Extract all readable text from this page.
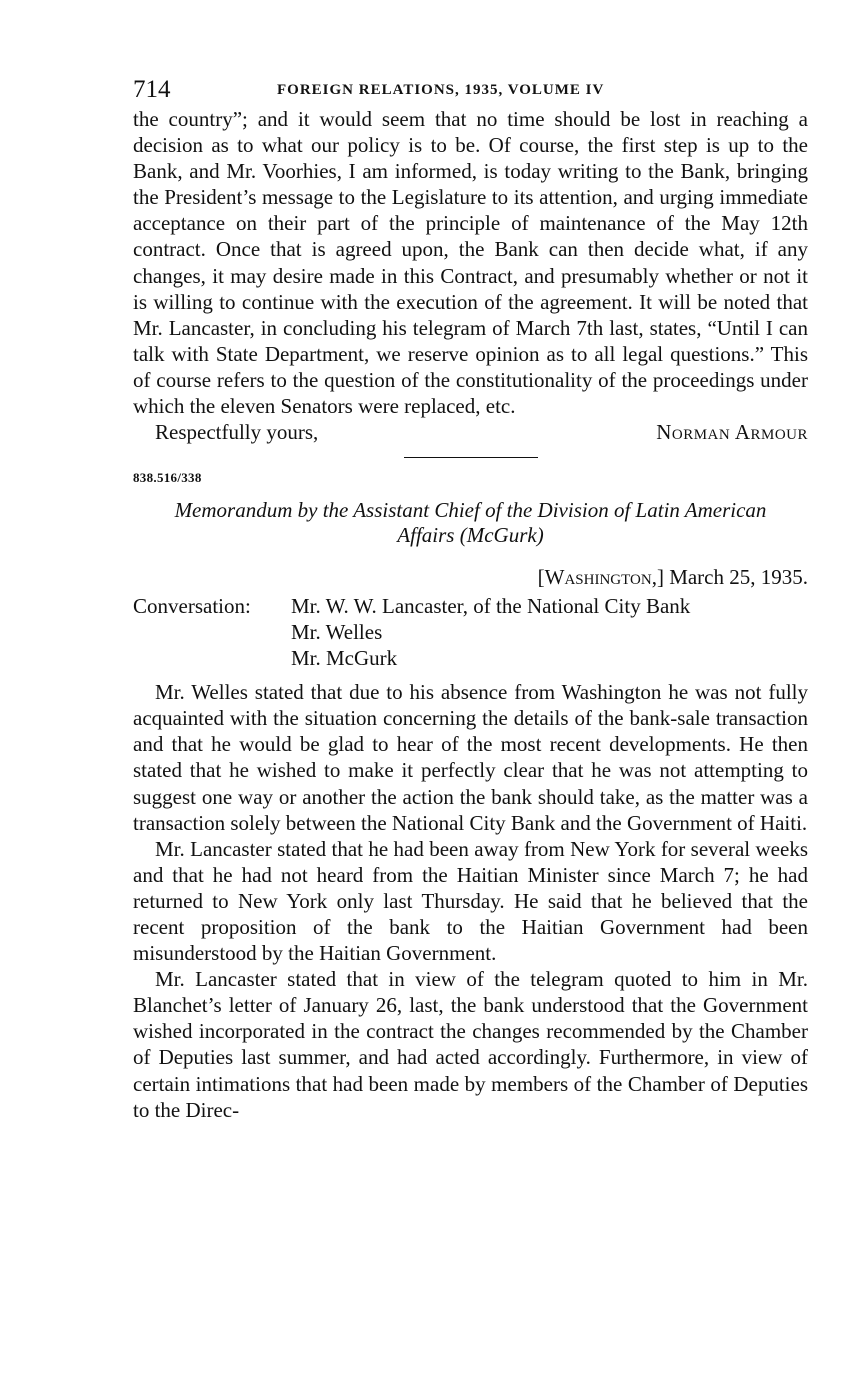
714	FOREIGN RELATIONS, 1935, VOLUME IV

the country”; and it would seem that no time should be lost in reaching a decision as to what our policy is to be. Of course, the first step is up to the Bank, and Mr. Voorhies, I am informed, is today writing to the Bank, bringing the President’s message to the Legislature to its attention, and urging immediate acceptance on their part of the principle of maintenance of the May 12th contract. Once that is agreed upon, the Bank can then decide what, if any changes, it may desire made in this Contract, and presumably whether or not it is willing to continue with the execution of the agreement. It will be noted that Mr. Lancaster, in concluding his telegram of March 7th last, states, “Until I can talk with State Department, we reserve opinion as to all legal questions.” This of course refers to the question of the constitutionality of the proceedings under which the eleven Senators were replaced, etc.

Respectfully yours,	Norman Armour
838.516/338
Memorandum by the Assistant Chief of the Division of Latin American
Affairs (McGurk)
[Washington,] March 25, 1935.
Conversation:	Mr. W. W. Lancaster, of the National City Bank
Mr. Welles
Mr. McGurk

Mr. Welles stated that due to his absence from Washington he was not fully acquainted with the situation concerning the details of the bank-sale transaction and that he would be glad to hear of the most recent developments. He then stated that he wished to make it perfectly clear that he was not attempting to suggest one way or another the action the bank should take, as the matter was a transaction solely between the National City Bank and the Government of Haiti.

Mr. Lancaster stated that he had been away from New York for several weeks and that he had not heard from the Haitian Minister since March 7; he had returned to New York only last Thursday. He said that he believed that the recent proposition of the bank to the Haitian Government had been misunderstood by the Haitian Government.

Mr. Lancaster stated that in view of the telegram quoted to him in Mr. Blanchet’s letter of January 26, last, the bank understood that the Government wished incorporated in the contract the changes recommended by the Chamber of Deputies last summer, and had acted accordingly. Furthermore, in view of certain intimations that had been made by members of the Chamber of Deputies to the Direc-
